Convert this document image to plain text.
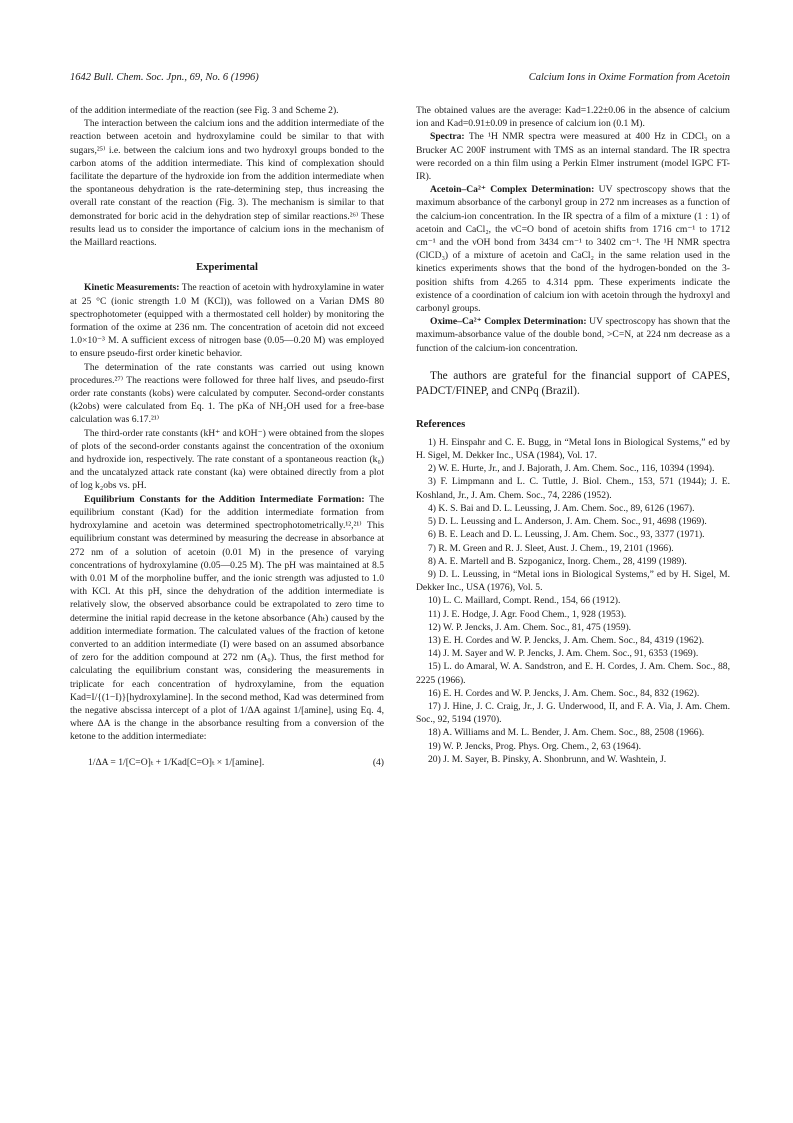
1642 Bull. Chem. Soc. Jpn., 69, No. 6 (1996)	Calcium Ions in Oxime Formation from Acetoin

of the addition intermediate of the reaction (see Fig. 3 and Scheme 2).

The interaction between the calcium ions and the addition intermediate of the reaction between acetoin and hydroxylamine could be similar to that with sugars,²⁵⁾ i.e. between the calcium ions and two hydroxyl groups bonded to the carbon atoms of the addition intermediate. This kind of complexation should facilitate the departure of the hydroxide ion from the addition intermediate when the spontaneous dehydration is the rate-determining step, thus increasing the overall rate constant of the reaction (Fig. 3). The mechanism is similar to that demonstrated for boric acid in the dehydration step of similar reactions.²⁶⁾ These results lead us to consider the importance of calcium ions in the mechanism of the Maillard reactions.

Experimental

Kinetic Measurements: The reaction of acetoin with hydroxylamine in water at 25 °C (ionic strength 1.0 M (KCl)), was followed on a Varian DMS 80 spectrophotometer (equipped with a thermostated cell holder) by monitoring the formation of the oxime at 236 nm. The concentration of acetoin did not exceed 1.0×10⁻³ M. A sufficient excess of nitrogen base (0.05—0.20 M) was employed to ensure pseudo-first order kinetic behavior.

The determination of the rate constants was carried out using known procedures.²⁷⁾ The reactions were followed for three half lives, and pseudo-first order rate constants (kobs) were calculated by computer. Second-order constants (k2obs) were calculated from Eq. 1. The pKa of NH₂OH used for a free-base calculation was 6.17.²¹⁾

The third-order rate constants (kH⁺ and kOH⁻) were obtained from the slopes of plots of the second-order constants against the concentration of the oxonium and hydroxide ion, respectively. The rate constant of a spontaneous reaction (k₀) and the uncatalyzed attack rate constant (ka) were obtained directly from a plot of log k₂obs vs. pH.

Equilibrium Constants for the Addition Intermediate Formation: The equilibrium constant (Kad) for the addition intermediate formation from hydroxylamine and acetoin was determined spectrophotometrically.¹²,²¹⁾ This equilibrium constant was determined by measuring the decrease in absorbance at 272 nm of a solution of acetoin (0.01 M) in the presence of varying concentrations of hydroxylamine (0.05—0.25 M). The pH was maintained at 8.5 with 0.01 M of the morpholine buffer, and the ionic strength was adjusted to 1.0 with KCl. At this pH, since the dehydration of the addition intermediate is relatively slow, the observed absorbance could be extrapolated to zero time to determine the initial rapid decrease in the ketone absorbance (Ahₜ) caused by the addition intermediate formation. The calculated values of the fraction of ketone converted to an addition intermediate (I) were based on an assumed absorbance of zero for the addition compound at 272 nm (A₀). Thus, the first method for calculating the equilibrium constant was, considering the measurements in triplicate for each concentration of hydroxylamine, from the equation Kad=I/{(1−I)}[hydroxylamine]. In the second method, Kad was determined from the negative abscissa intercept of a plot of 1/ΔA against 1/[amine], using Eq. 4, where ΔA is the change in the absorbance resulting from a conversion of the ketone to the addition intermediate:

1/ΔA = 1/[C=O]ₜ + 1/Kad[C=O]ₜ × 1/[amine].	(4)

The obtained values are the average: Kad=1.22±0.06 in the absence of calcium ion and Kad=0.91±0.09 in presence of calcium ion (0.1 M).

Spectra: The ¹H NMR spectra were measured at 400 Hz in CDCl₃ on a Brucker AC 200F instrument with TMS as an internal standard. The IR spectra were recorded on a thin film using a Perkin Elmer instrument (model IGPC FT-IR).

Acetoin–Ca²⁺ Complex Determination: UV spectroscopy shows that the maximum absorbance of the carbonyl group in 272 nm increases as a function of the calcium-ion concentration. In the IR spectra of a film of a mixture (1 : 1) of acetoin and CaCl₂, the νC=O bond of acetoin shifts from 1716 cm⁻¹ to 1712 cm⁻¹ and the νOH bond from 3434 cm⁻¹ to 3402 cm⁻¹. The ¹H NMR spectra (ClCD₃) of a mixture of acetoin and CaCl₂ in the same relation used in the kinetics experiments shows that the bond of the hydrogen-bonded on the 3-position shifts from 4.265 to 4.314 ppm. These experiments indicate the existence of a coordination of calcium ion with acetoin through the hydroxyl and carbonyl groups.

Oxime–Ca²⁺ Complex Determination: UV spectroscopy has shown that the maximum-absorbance value of the double bond, >C=N, at 224 nm decrease as a function of the calcium-ion concentration.

The authors are grateful for the financial support of CAPES, PADCT/FINEP, and CNPq (Brazil).

References
1) H. Einspahr and C. E. Bugg, in “Metal Ions in Biological Systems,” ed by H. Sigel, M. Dekker Inc., USA (1984), Vol. 17.
2) W. E. Hurte, Jr., and J. Bajorath, J. Am. Chem. Soc., 116, 10394 (1994).
3) F. Limpmann and L. C. Tuttle, J. Biol. Chem., 153, 571 (1944); J. E. Koshland, Jr., J. Am. Chem. Soc., 74, 2286 (1952).
4) K. S. Bai and D. L. Leussing, J. Am. Chem. Soc., 89, 6126 (1967).
5) D. L. Leussing and L. Anderson, J. Am. Chem. Soc., 91, 4698 (1969).
6) B. E. Leach and D. L. Leussing, J. Am. Chem. Soc., 93, 3377 (1971).
7) R. M. Green and R. J. Sleet, Aust. J. Chem., 19, 2101 (1966).
8) A. E. Martell and B. Szpoganicz, Inorg. Chem., 28, 4199 (1989).
9) D. L. Leussing, in “Metal ions in Biological Systems,” ed by H. Sigel, M. Dekker Inc., USA (1976), Vol. 5.
10) L. C. Maillard, Compt. Rend., 154, 66 (1912).
11) J. E. Hodge, J. Agr. Food Chem., 1, 928 (1953).
12) W. P. Jencks, J. Am. Chem. Soc., 81, 475 (1959).
13) E. H. Cordes and W. P. Jencks, J. Am. Chem. Soc., 84, 4319 (1962).
14) J. M. Sayer and W. P. Jencks, J. Am. Chem. Soc., 91, 6353 (1969).
15) L. do Amaral, W. A. Sandstron, and E. H. Cordes, J. Am. Chem. Soc., 88, 2225 (1966).
16) E. H. Cordes and W. P. Jencks, J. Am. Chem. Soc., 84, 832 (1962).
17) J. Hine, J. C. Craig, Jr., J. G. Underwood, II, and F. A. Via, J. Am. Chem. Soc., 92, 5194 (1970).
18) A. Williams and M. L. Bender, J. Am. Chem. Soc., 88, 2508 (1966).
19) W. P. Jencks, Prog. Phys. Org. Chem., 2, 63 (1964).
20) J. M. Sayer, B. Pinsky, A. Shonbrunn, and W. Washtein, J.
